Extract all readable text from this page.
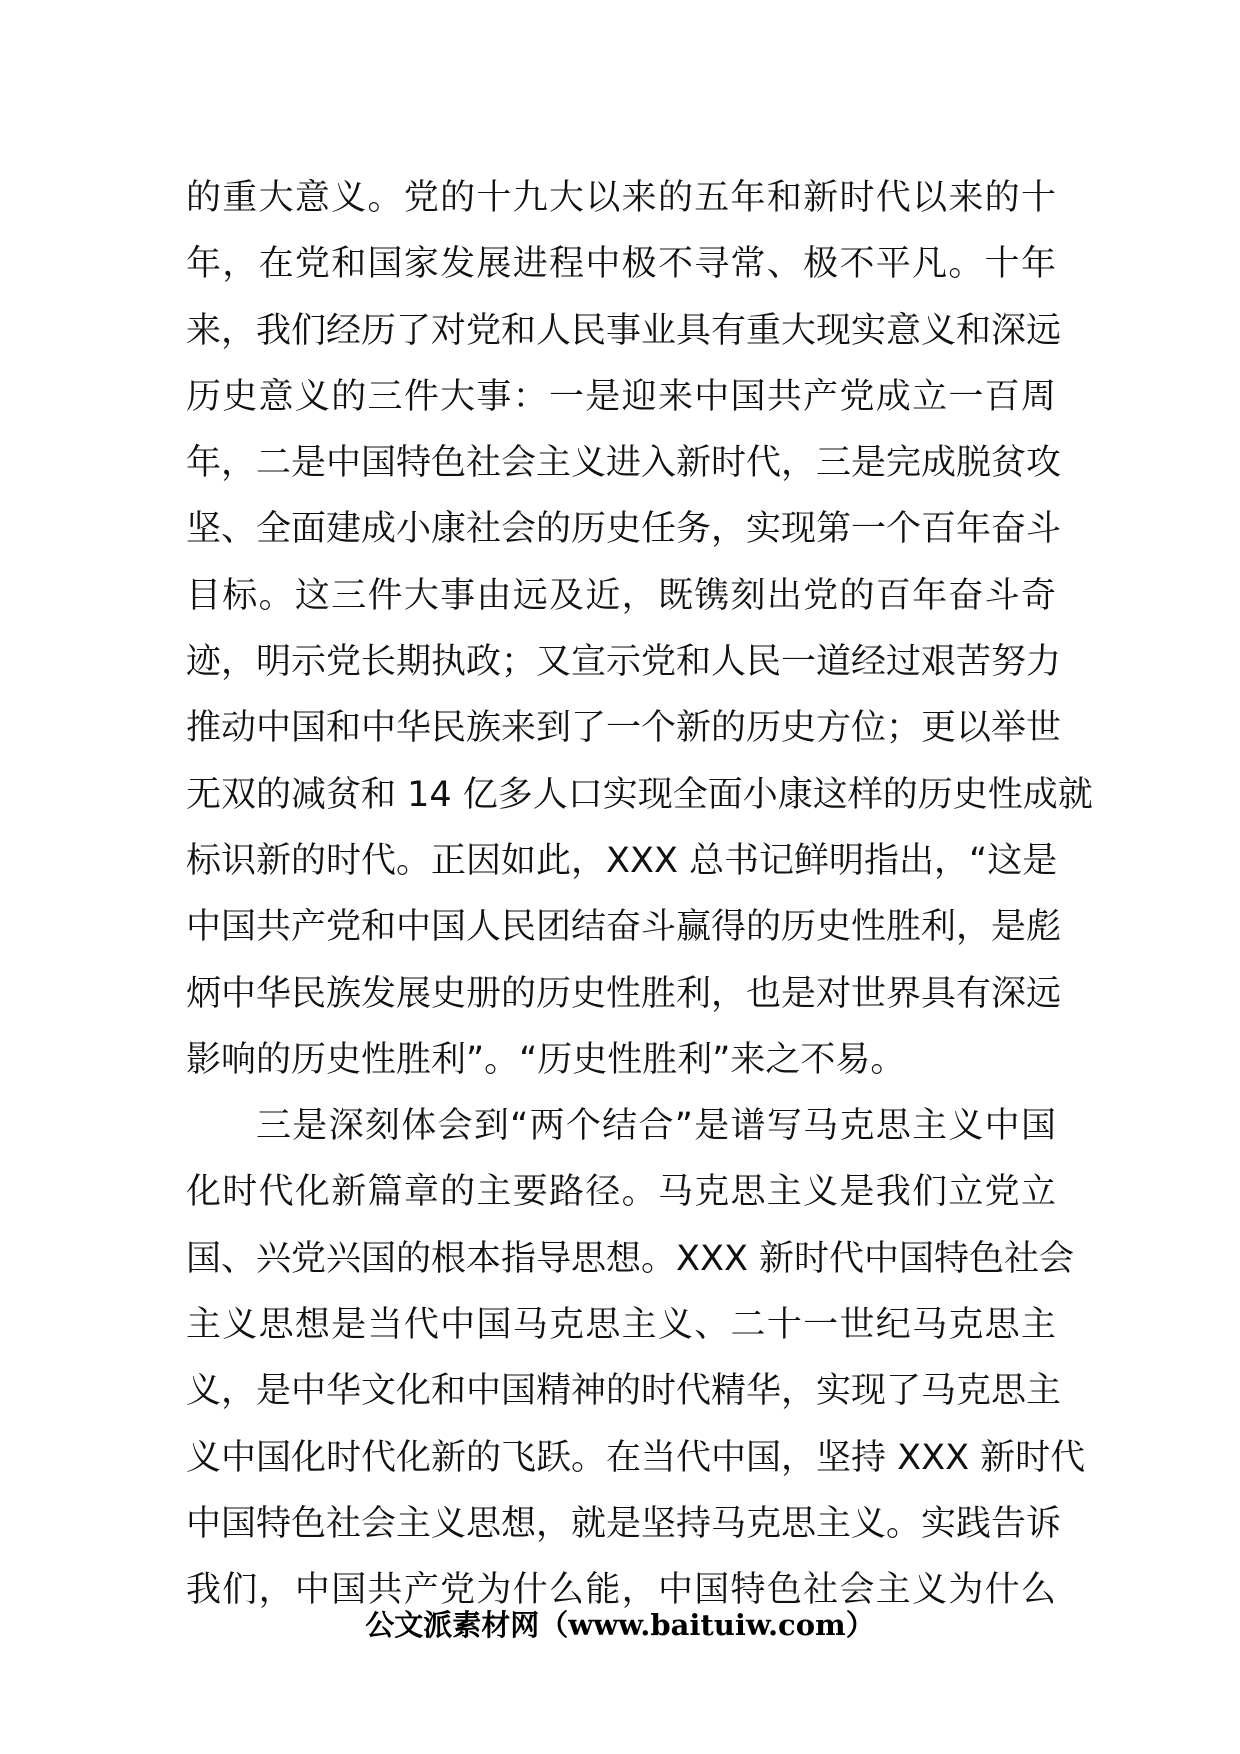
的重大意义。党的十九大以来的五年和新时代以来的十
年，在党和国家发展进程中极不寻常、极不平凡。十年
来，我们经历了对党和人民事业具有重大现实意义和深远
历史意义的三件大事：一是迎来中国共产党成立一百周
年，二是中国特色社会主义进入新时代，三是完成脱贫攻
坚、全面建成小康社会的历史任务，实现第一个百年奋斗
目标。这三件大事由远及近，既镌刻出党的百年奋斗奇
迹，明示党长期执政；又宣示党和人民一道经过艰苦努力
推动中国和中华民族来到了一个新的历史方位；更以举世
无双的减贫和 14 亿多人口实现全面小康这样的历史性成就
标识新的时代。正因如此，XXX 总书记鲜明指出，“这是
中国共产党和中国人民团结奋斗赢得的历史性胜利，是彪
炳中华民族发展史册的历史性胜利，也是对世界具有深远
影响的历史性胜利”。“历史性胜利”来之不易。
三是深刻体会到“两个结合”是谱写马克思主义中国
化时代化新篇章的主要路径。马克思主义是我们立党立
国、兴党兴国的根本指导思想。XXX 新时代中国特色社会
主义思想是当代中国马克思主义、二十一世纪马克思主
义，是中华文化和中国精神的时代精华，实现了马克思主
义中国化时代化新的飞跃。在当代中国，坚持 XXX 新时代
中国特色社会主义思想，就是坚持马克思主义。实践告诉
我们，中国共产党为什么能，中国特色社会主义为什么
公文派素材网（www.baituiw.com）
